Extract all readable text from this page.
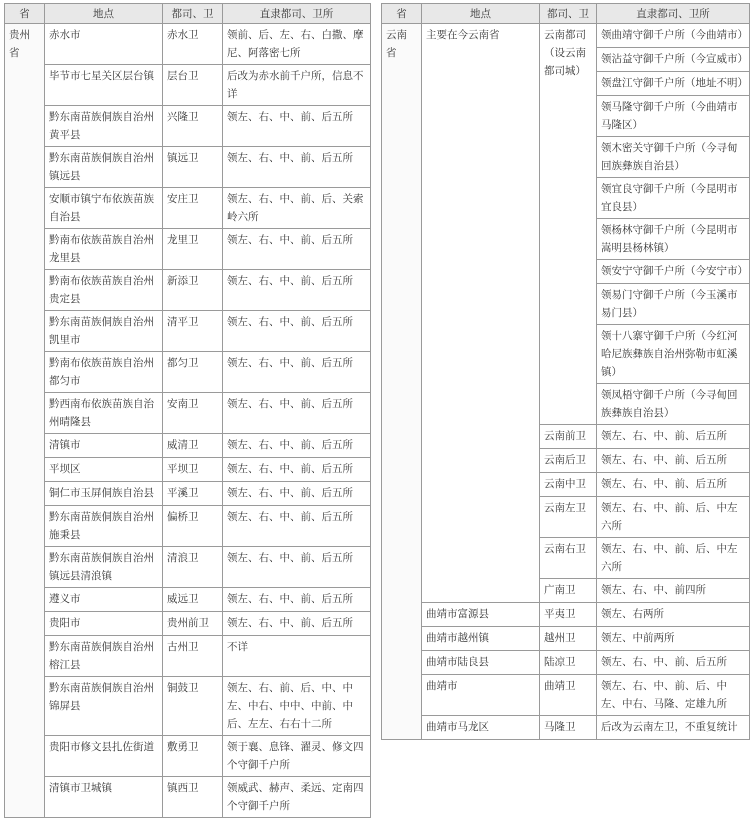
省	地点	都司、卫	直隶都司、卫所
贵州省	赤水市	赤水卫	领前、后、左、右、白撒、摩尼、阿落密七所
	毕节市七星关区层台镇	层台卫	后改为赤水前千户所，信息不详
	黔东南苗族侗族自治州黄平县	兴隆卫	领左、右、中、前、后五所
	黔东南苗族侗族自治州镇远县	镇远卫	领左、右、中、前、后五所
	安顺市镇宁布依族苗族自治县	安庄卫	领左、右、中、前、后、关索岭六所
	黔南布依族苗族自治州龙里县	龙里卫	领左、右、中、前、后五所
	黔南布依族苗族自治州贵定县	新添卫	领左、右、中、前、后五所
	黔东南苗族侗族自治州凯里市	清平卫	领左、右、中、前、后五所
	黔南布依族苗族自治州都匀市	都匀卫	领左、右、中、前、后五所
	黔西南布依族苗族自治州晴隆县	安南卫	领左、右、中、前、后五所
	清镇市	威清卫	领左、右、中、前、后五所
	平坝区	平坝卫	领左、右、中、前、后五所
	铜仁市玉屏侗族自治县	平溪卫	领左、右、中、前、后五所
	黔东南苗族侗族自治州施秉县	偏桥卫	领左、右、中、前、后五所
	黔东南苗族侗族自治州镇远县清浪镇	清浪卫	领左、右、中、前、后五所
	遵义市	威远卫	领左、右、中、前、后五所
	贵阳市	贵州前卫	领左、右、中、前、后五所
	黔东南苗族侗族自治州榕江县	古州卫	不详
	黔东南苗族侗族自治州锦屏县	铜鼓卫	领左、右、前、后、中、中左、中右、中中、中前、中后、左左、右右十二所
	贵阳市修文县扎佐街道	敷勇卫	领于襄、息锋、濯灵、修文四个守御千户所
	清镇市卫城镇	镇西卫	领威武、赫声、柔远、定南四个守御千户所
省	地点	都司、卫	直隶都司、卫所
云南省	主要在今云南省	云南都司（设云南都司城）	领曲靖守御千户所（今曲靖市）
			领沾益守御千户所（今宣威市）
			领盘江守御千户所（地址不明）
			领马隆守御千户所（今曲靖市马隆区）
			领木密关守御千户所（今寻甸回族彝族自治县）
			领宜良守御千户所（今昆明市宜良县）
			领杨林守御千户所（今昆明市嵩明县杨林镇）
			领安宁守御千户所（今安宁市）
			领易门守御千户所（今玉溪市易门县）
			领十八寨守御千户所（今红河哈尼族彝族自治州弥勒市虹溪镇）
			领凤梧守御千户所（今寻甸回族彝族自治县）
		云南前卫	领左、右、中、前、后五所
		云南后卫	领左、右、中、前、后五所
		云南中卫	领左、右、中、前、后五所
		云南左卫	领左、右、中、前、后、中左六所
		云南右卫	领左、右、中、前、后、中左六所
		广南卫	领左、右、中、前四所
	曲靖市富源县	平夷卫	领左、右两所
	曲靖市越州镇	越州卫	领左、中前两所
	曲靖市陆良县	陆凉卫	领左、右、中、前、后五所
	曲靖市	曲靖卫	领左、右、中、前、后、中左、中右、马隆、定雄九所
	曲靖市马龙区	马隆卫	后改为云南左卫，不重复统计
